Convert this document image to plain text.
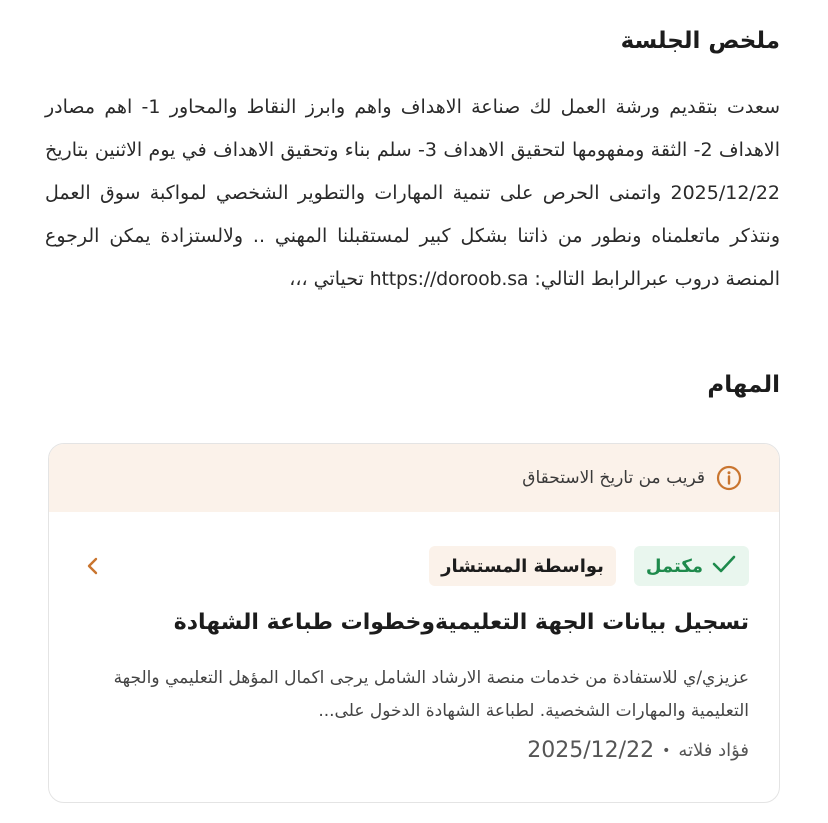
ملخص الجلسة

سعدت بتقديم ورشة العمل لك صناعة الاهداف واهم وابرز النقاط والمحاور 1- اهم مصادر الاهداف 2- الثقة ومفهومها لتحقيق الاهداف 3- سلم بناء وتحقيق الاهداف في يوم الاثنين بتاريخ 2025/12/22 واتمنى الحرص على تنمية المهارات والتطوير الشخصي لمواكبة سوق العمل ونتذكر ماتعلمناه ونطور من ذاتنا بشكل كبير لمستقبلنا المهني .. ولالستزادة يمكن الرجوع المنصة دروب عبرالرابط التالي: https://doroob.sa تحياتي ،،،

المهام
قريب من تاريخ الاستحقاق
مكتمل
بواسطة المستشار
تسجيل بيانات الجهة التعليميةوخطوات طباعة الشهادة

عزيزي/ي للاستفادة من خدمات منصة الارشاد الشامل يرجى اكمال المؤهل التعليمي والجهة التعليمية والمهارات الشخصية. لطباعة الشهادة الدخول على...

فؤاد فلاته
•
2025/12/22
